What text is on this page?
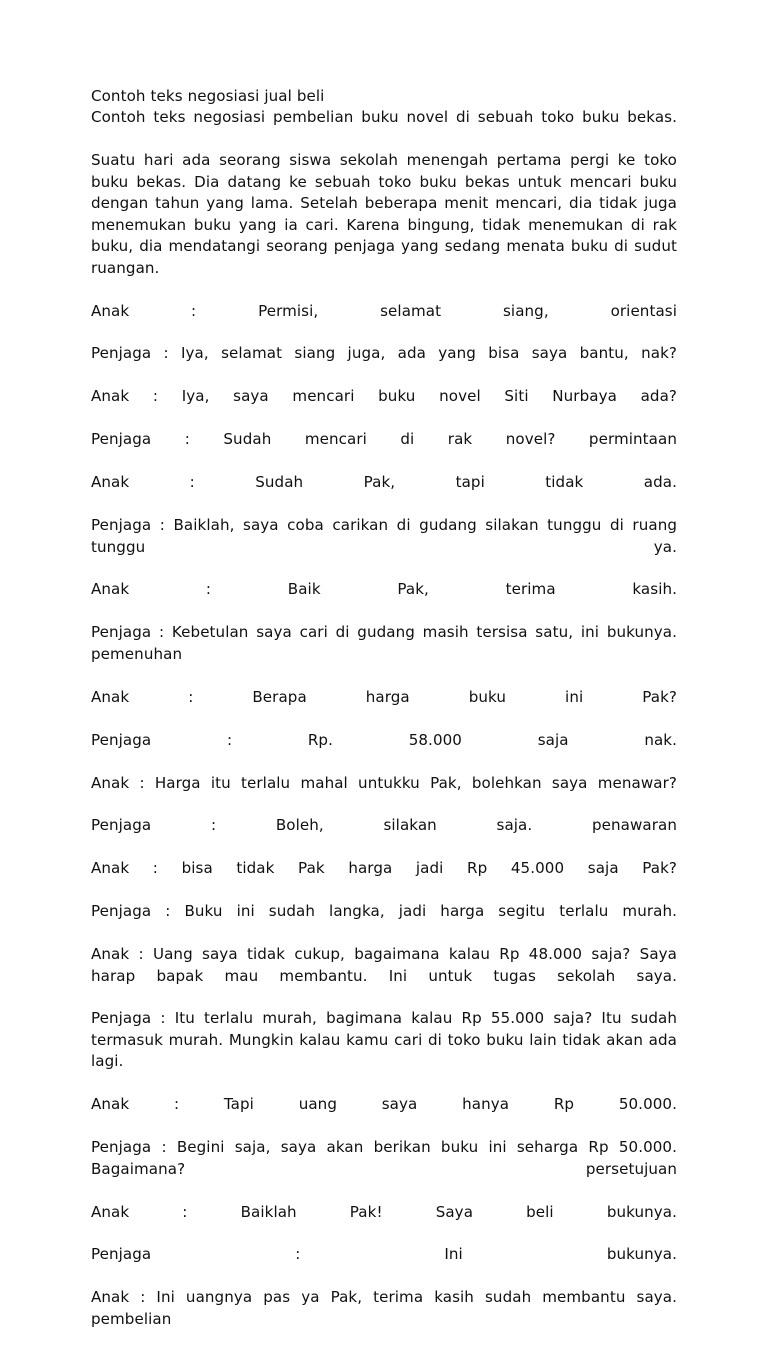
Contoh teks negosiasi jual beli

Contoh teks negosiasi pembelian buku novel di sebuah toko buku bekas.

Suatu hari ada seorang siswa sekolah menengah pertama pergi ke toko buku bekas. Dia datang ke sebuah toko buku bekas untuk mencari buku dengan tahun yang lama. Setelah beberapa menit mencari, dia tidak juga menemukan buku yang ia cari. Karena bingung, tidak menemukan di rak buku, dia mendatangi seorang penjaga yang sedang menata buku di sudut ruangan.

Anak : Permisi, selamat siang, orientasi

Penjaga : Iya, selamat siang juga, ada yang bisa saya bantu, nak?

Anak : Iya, saya mencari buku novel Siti Nurbaya ada?

Penjaga : Sudah mencari di rak novel? permintaan

Anak : Sudah Pak, tapi tidak ada.

Penjaga : Baiklah, saya coba carikan di gudang silakan tunggu di ruang tunggu ya.

Anak : Baik Pak, terima kasih.

Penjaga : Kebetulan saya cari di gudang masih tersisa satu, ini bukunya. pemenuhan

Anak : Berapa harga buku ini Pak?

Penjaga : Rp. 58.000 saja nak.

Anak : Harga itu terlalu mahal untukku Pak, bolehkan saya menawar?

Penjaga : Boleh, silakan saja. penawaran

Anak : bisa tidak Pak harga jadi Rp 45.000 saja Pak?

Penjaga : Buku ini sudah langka, jadi harga segitu terlalu murah.

Anak : Uang saya tidak cukup, bagaimana kalau Rp 48.000 saja? Saya harap bapak mau membantu. Ini untuk tugas sekolah saya.

Penjaga : Itu terlalu murah, bagimana kalau Rp 55.000 saja? Itu sudah termasuk murah. Mungkin kalau kamu cari di toko buku lain tidak akan ada lagi.

Anak : Tapi uang saya hanya Rp 50.000.

Penjaga : Begini saja, saya akan berikan buku ini seharga Rp 50.000. Bagaimana? persetujuan

Anak : Baiklah Pak! Saya beli bukunya.

Penjaga : Ini bukunya.

Anak : Ini uangnya pas ya Pak, terima kasih sudah membantu saya. pembelian
